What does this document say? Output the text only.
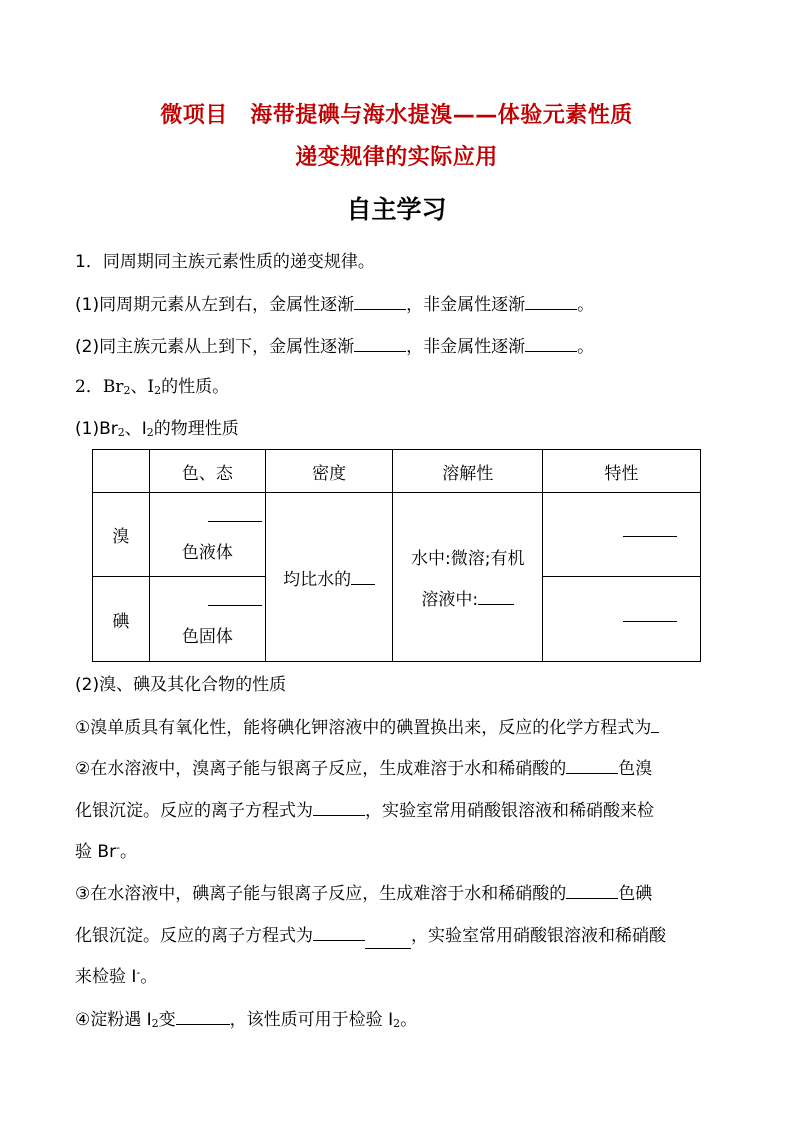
微项目　海带提碘与海水提溴——体验元素性质
递变规律的实际应用
自主学习
1．同周期同主族元素性质的递变规律。
(1)同周期元素从左到右，金属性逐渐	，非金属性逐渐	。
(2)同主族元素从上到下，金属性逐渐	，非金属性逐渐	。
2．$Br_2$、$I_2$的性质。
$(1)Br_2$、$I_2$的物理性质
	色、态	密度	溶解性	特性
溴	色液体	均比水的	水中:微溶;有机
溶液中:	

碘	色固体			

(2)溴、碘及其化合物的性质
①溴单质具有氧化性，能将碘化钾溶液中的碘置换出来，反应的化学方程式为
②在水溶液中，溴离子能与银离子反应，生成难溶于水和稀硝酸的	色溴
化银沉淀。反应的离子方程式为	，实验室常用硝酸银溶液和稀硝酸来检
验 Br-。
③在水溶液中，碘离子能与银离子反应，生成难溶于水和稀硝酸的	色碘
化银沉淀。反应的离子方程式为	，实验室常用硝酸银溶液和稀硝酸
来检验 I-。
④淀粉遇 $I_2$变	，该性质可用于检验 $I_2$。
